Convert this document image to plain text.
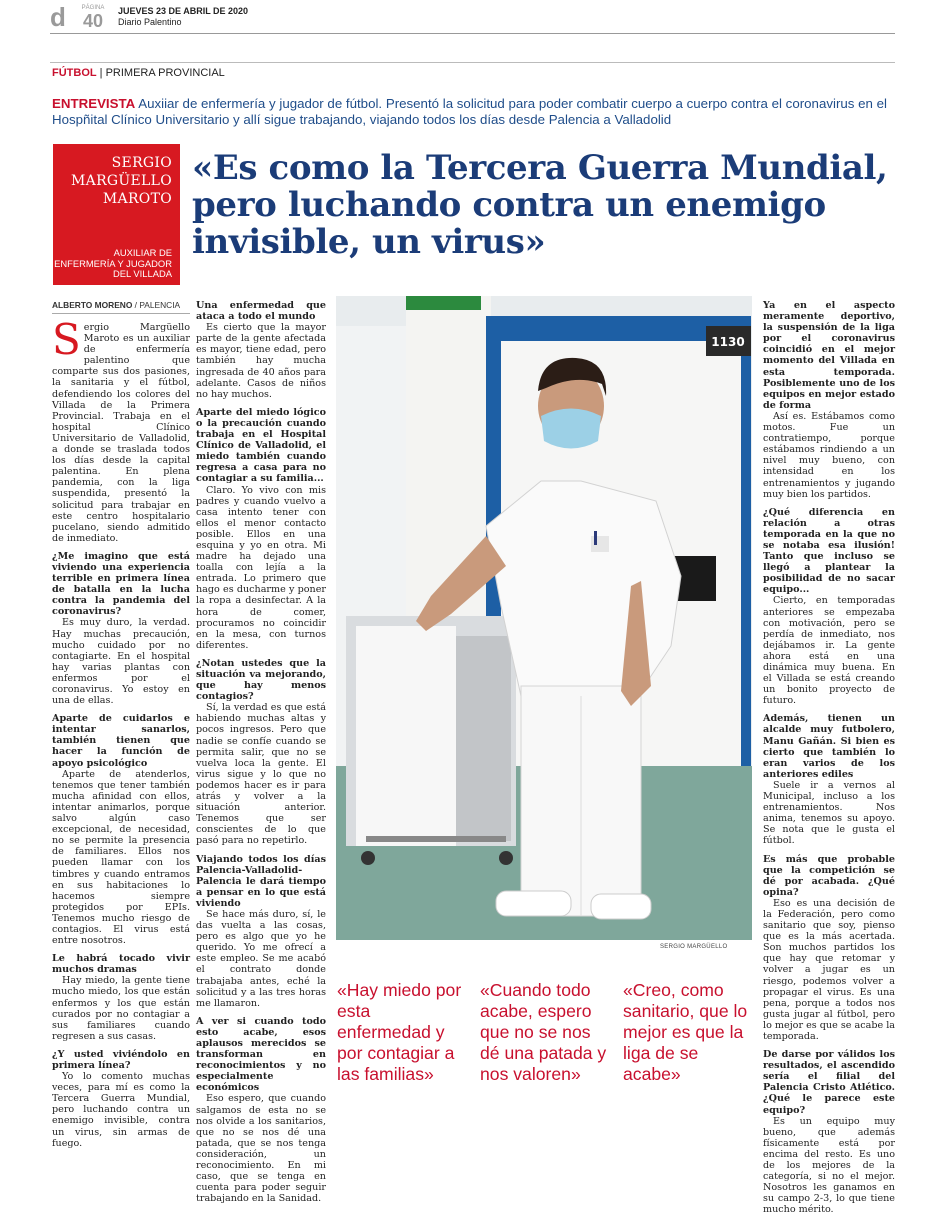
d	PÁGINA
40	JUEVES 23 DE ABRIL DE 2020
Diario Palentino
FÚTBOL | PRIMERA PROVINCIAL
ENTREVISTA Auxiiar de enfermería y jugador de fútbol. Presentó la solicitud para poder combatir cuerpo a cuerpo contra el coronavirus en el Hospñital Clínico Universitario y allí sigue trabajando, viajando todos los días desde Palencia a Valladolid
SERGIO MARGÜELLO MAROTO
AUXILIAR DE ENFERMERÍA Y JUGADOR DEL VILLADA
«Es como la Tercera Guerra Mundial, pero luchando contra un enemigo invisible, un virus»
ALBERTO MORENO / PALENCIA

Sergio Margüello Maroto es un auxiliar de enfermería palentino que comparte sus dos pasiones, la sanitaria y el fútbol, defendiendo los colores del Villada de la Primera Provincial. Trabaja en el hospital Clínico Universitario de Valladolid, a donde se traslada todos los días desde la capital palentina. En plena pandemia, con la liga suspendida, presentó la solicitud para trabajar en este centro hospitalario pucelano, siendo admitido de inmediato.

¿Me imagino que está viviendo una experiencia terrible en primera línea de batalla en la lucha contra la pandemia del coronavirus?

Es muy duro, la verdad. Hay muchas precaución, mucho cuidado por no contagiarte. En el hospital hay varias plantas con enfermos por el coronavirus. Yo estoy en una de ellas.

Aparte de cuidarlos e intentar sanarlos, también tienen que hacer la función de apoyo psicológico

Aparte de atenderlos, tenemos que tener también mucha afinidad con ellos, intentar animarlos, porque salvo algún caso excepcional, de necesidad, no se permite la presencia de familiares. Ellos nos pueden llamar con los timbres y cuando entramos en sus habitaciones lo hacemos siempre protegidos por EPIs. Tenemos mucho riesgo de contagios. El virus está entre nosotros.

Le habrá tocado vivir muchos dramas

Hay miedo, la gente tiene mucho miedo, los que están enfermos y los que están curados por no contagiar a sus familiares cuando regresen a sus casas.

¿Y usted viviéndolo en primera línea?

Yo lo comento muchas veces, para mí es como la Tercera Guerra Mundial, pero luchando contra un enemigo invisible, contra un virus, sin armas de fuego.

Una enfermedad que ataca a todo el mundo

Es cierto que la mayor parte de la gente afectada es mayor, tiene edad, pero también hay mucha ingresada de 40 años para adelante. Casos de niños no hay muchos.

Aparte del miedo lógico o la precaución cuando trabaja en el Hospital Clínico de Valladolid, el miedo también cuando regresa a casa para no contagiar a su familia...

Claro. Yo vivo con mis padres y cuando vuelvo a casa intento tener con ellos el menor contacto posible. Ellos en una esquina y yo en otra. Mi madre ha dejado una toalla con lejía a la entrada. Lo primero que hago es ducharme y poner la ropa a desinfectar. A la hora de comer, procuramos no coincidir en la mesa, con turnos diferentes.

¿Notan ustedes que la situación va mejorando, que hay menos contagios?

Sí, la verdad es que está habiendo muchas altas y pocos ingresos. Pero que nadie se confíe cuando se permita salir, que no se vuelva loca la gente. El virus sigue y lo que no podemos hacer es ir para atrás y volver a la situación anterior. Tenemos que ser conscientes de lo que pasó para no repetirlo.

Viajando todos los días Palencia-Valladolid-Palencia le dará tiempo a pensar en lo que está viviendo

Se hace más duro, sí, le das vuelta a las cosas, pero es algo que yo he querido. Yo me ofrecí a este empleo. Se me acabó el contrato donde trabajaba antes, eché la solicitud y a las tres horas me llamaron.

A ver si cuando todo esto acabe, esos aplausos merecidos se transforman en reconocimientos y no especialmente económicos

Eso espero, que cuando salgamos de esta no se nos olvide a los sanitarios, que no se nos dé una patada, que se nos tenga consideración, un reconocimiento. En mi caso, que se tenga en cuenta para poder seguir trabajando en la Sanidad.

1130
SERGIO MARGÜELLO

Ya en el aspecto meramente deportivo, la suspensión de la liga por el coronavirus coincidió en el mejor momento del Villada en esta temporada. Posiblemente uno de los equipos en mejor estado de forma

Así es. Estábamos como motos. Fue un contratiempo, porque estábamos rindiendo a un nivel muy bueno, con intensidad en los entrenamientos y jugando muy bien los partidos.

¿Qué diferencia en relación a otras temporada en la que no se notaba esa ilusión! Tanto que incluso se llegó a plantear la posibilidad de no sacar equipo...

Cierto, en temporadas anteriores se empezaba con motivación, pero se perdía de inmediato, nos dejábamos ir. La gente ahora está en una dinámica muy buena. En el Villada se está creando un bonito proyecto de futuro.

Además, tienen un alcalde muy futbolero, Manu Gañán. Si bien es cierto que también lo eran varios de los anteriores ediles

Suele ir a vernos al Municipal, incluso a los entrenamientos. Nos anima, tenemos su apoyo. Se nota que le gusta el fútbol.

Es más que probable que la competición se dé por acabada. ¿Qué opina?

Eso es una decisión de la Federación, pero como sanitario que soy, pienso que es la más acertada. Son muchos partidos los que hay que retomar y volver a jugar es un riesgo, podemos volver a propagar el virus. Es una pena, porque a todos nos gusta jugar al fútbol, pero lo mejor es que se acabe la temporada.

De darse por válidos los resultados, el ascendido sería el filial del Palencia Cristo Atlético. ¿Qué le parece este equipo?

Es un equipo muy bueno, que además físicamente está por encima del resto. Es uno de los mejores de la categoría, si no el mejor. Nosotros les ganamos en su campo 2-3, lo que tiene mucho mérito.

«Hay miedo por esta enfermedad y por contagiar a las familias»
«Cuando todo acabe, espero que no se nos dé una patada y nos valoren»
«Creo, como sanitario, que lo mejor es que la liga de se acabe»
